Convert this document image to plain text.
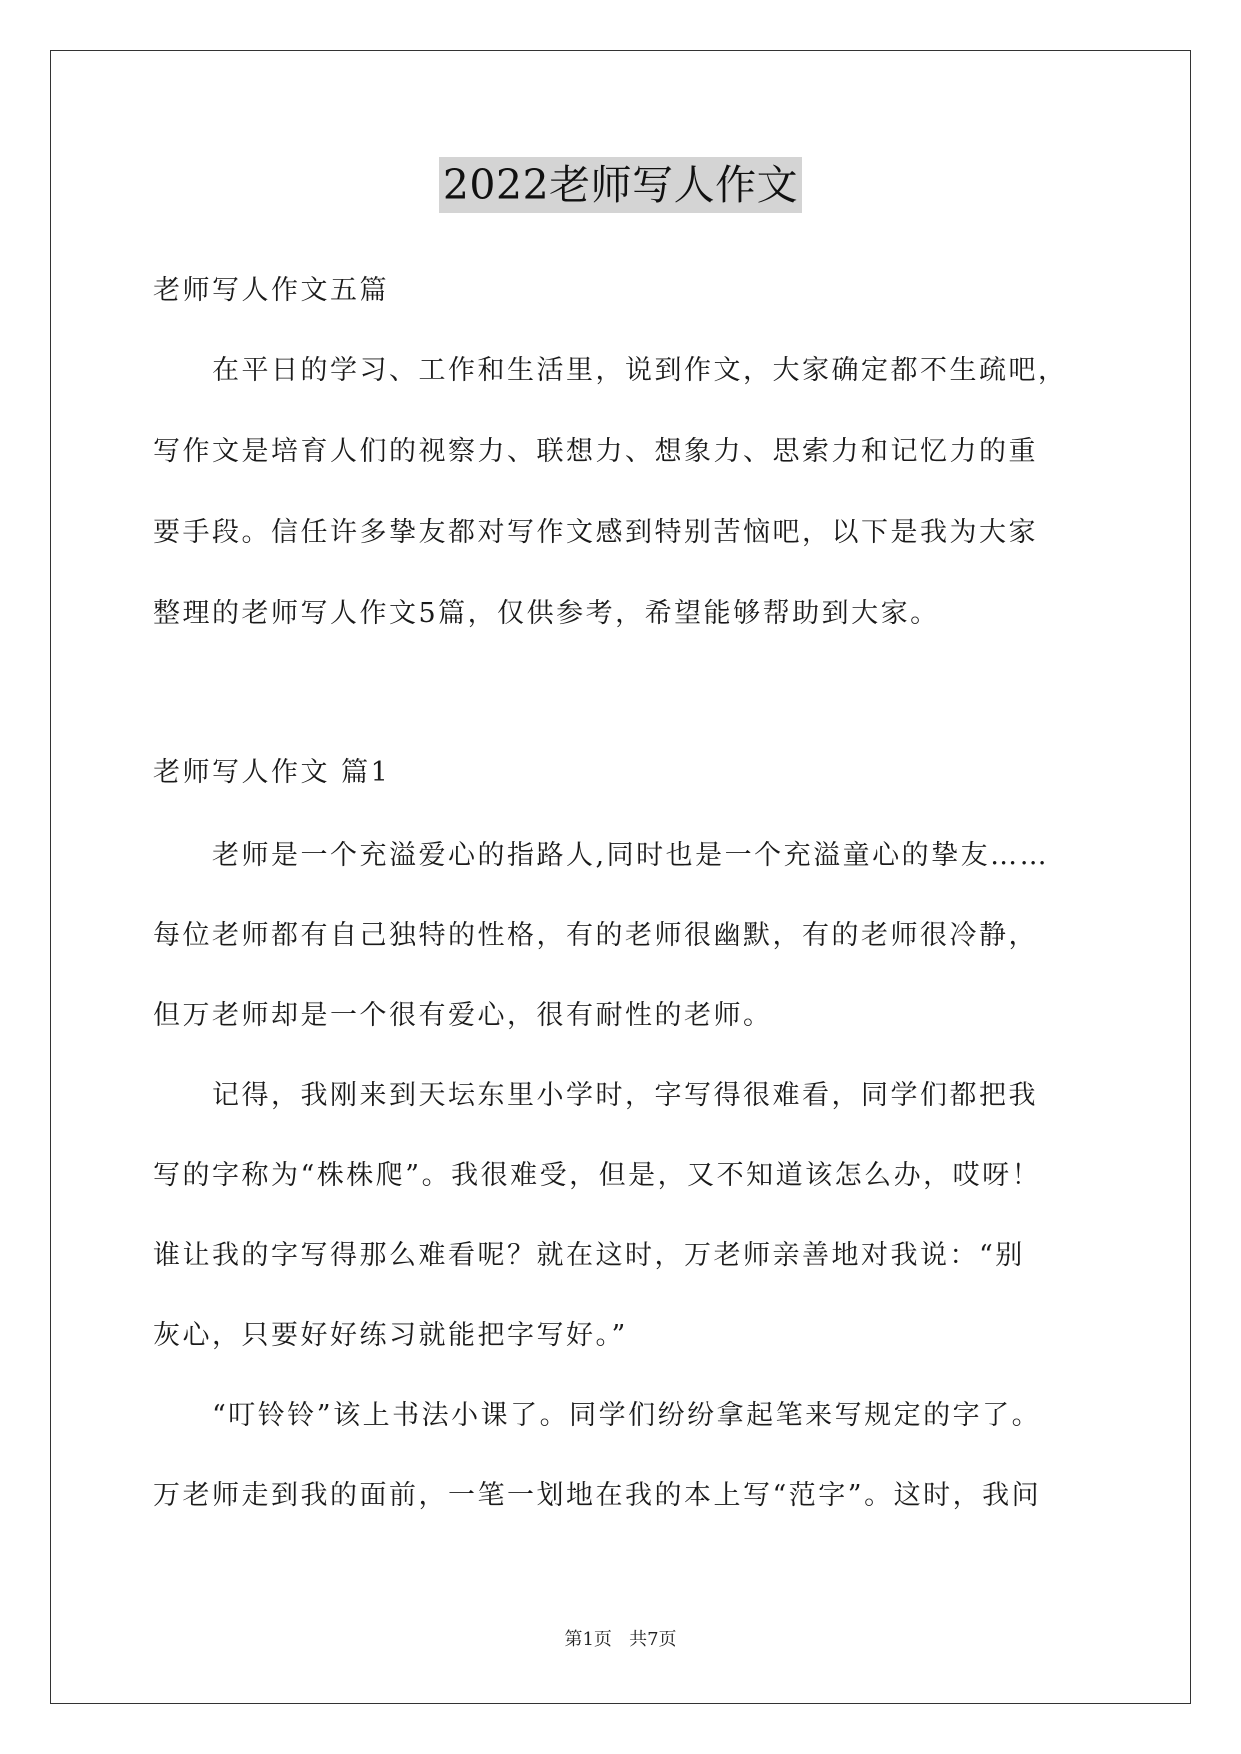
2022老师写人作文
老师写人作文五篇
　　在平日的学习、工作和生活里，说到作文，大家确定都不生疏吧，
写作文是培育人们的视察力、联想力、想象力、思索力和记忆力的重
要手段。信任许多挚友都对写作文感到特别苦恼吧，以下是我为大家
整理的老师写人作文5篇，仅供参考，希望能够帮助到大家。
老师写人作文 篇1
　　老师是一个充溢爱心的指路人,同时也是一个充溢童心的挚友……
每位老师都有自己独特的性格，有的老师很幽默，有的老师很冷静，
但万老师却是一个很有爱心，很有耐性的老师。
　　记得，我刚来到天坛东里小学时，字写得很难看，同学们都把我
写的字称为“株株爬”。我很难受，但是，又不知道该怎么办，哎呀！
谁让我的字写得那么难看呢？就在这时，万老师亲善地对我说：“别
灰心，只要好好练习就能把字写好。”
　　“叮铃铃”该上书法小课了。同学们纷纷拿起笔来写规定的字了。
万老师走到我的面前，一笔一划地在我的本上写“范字”。这时，我问
第1页 共7页
